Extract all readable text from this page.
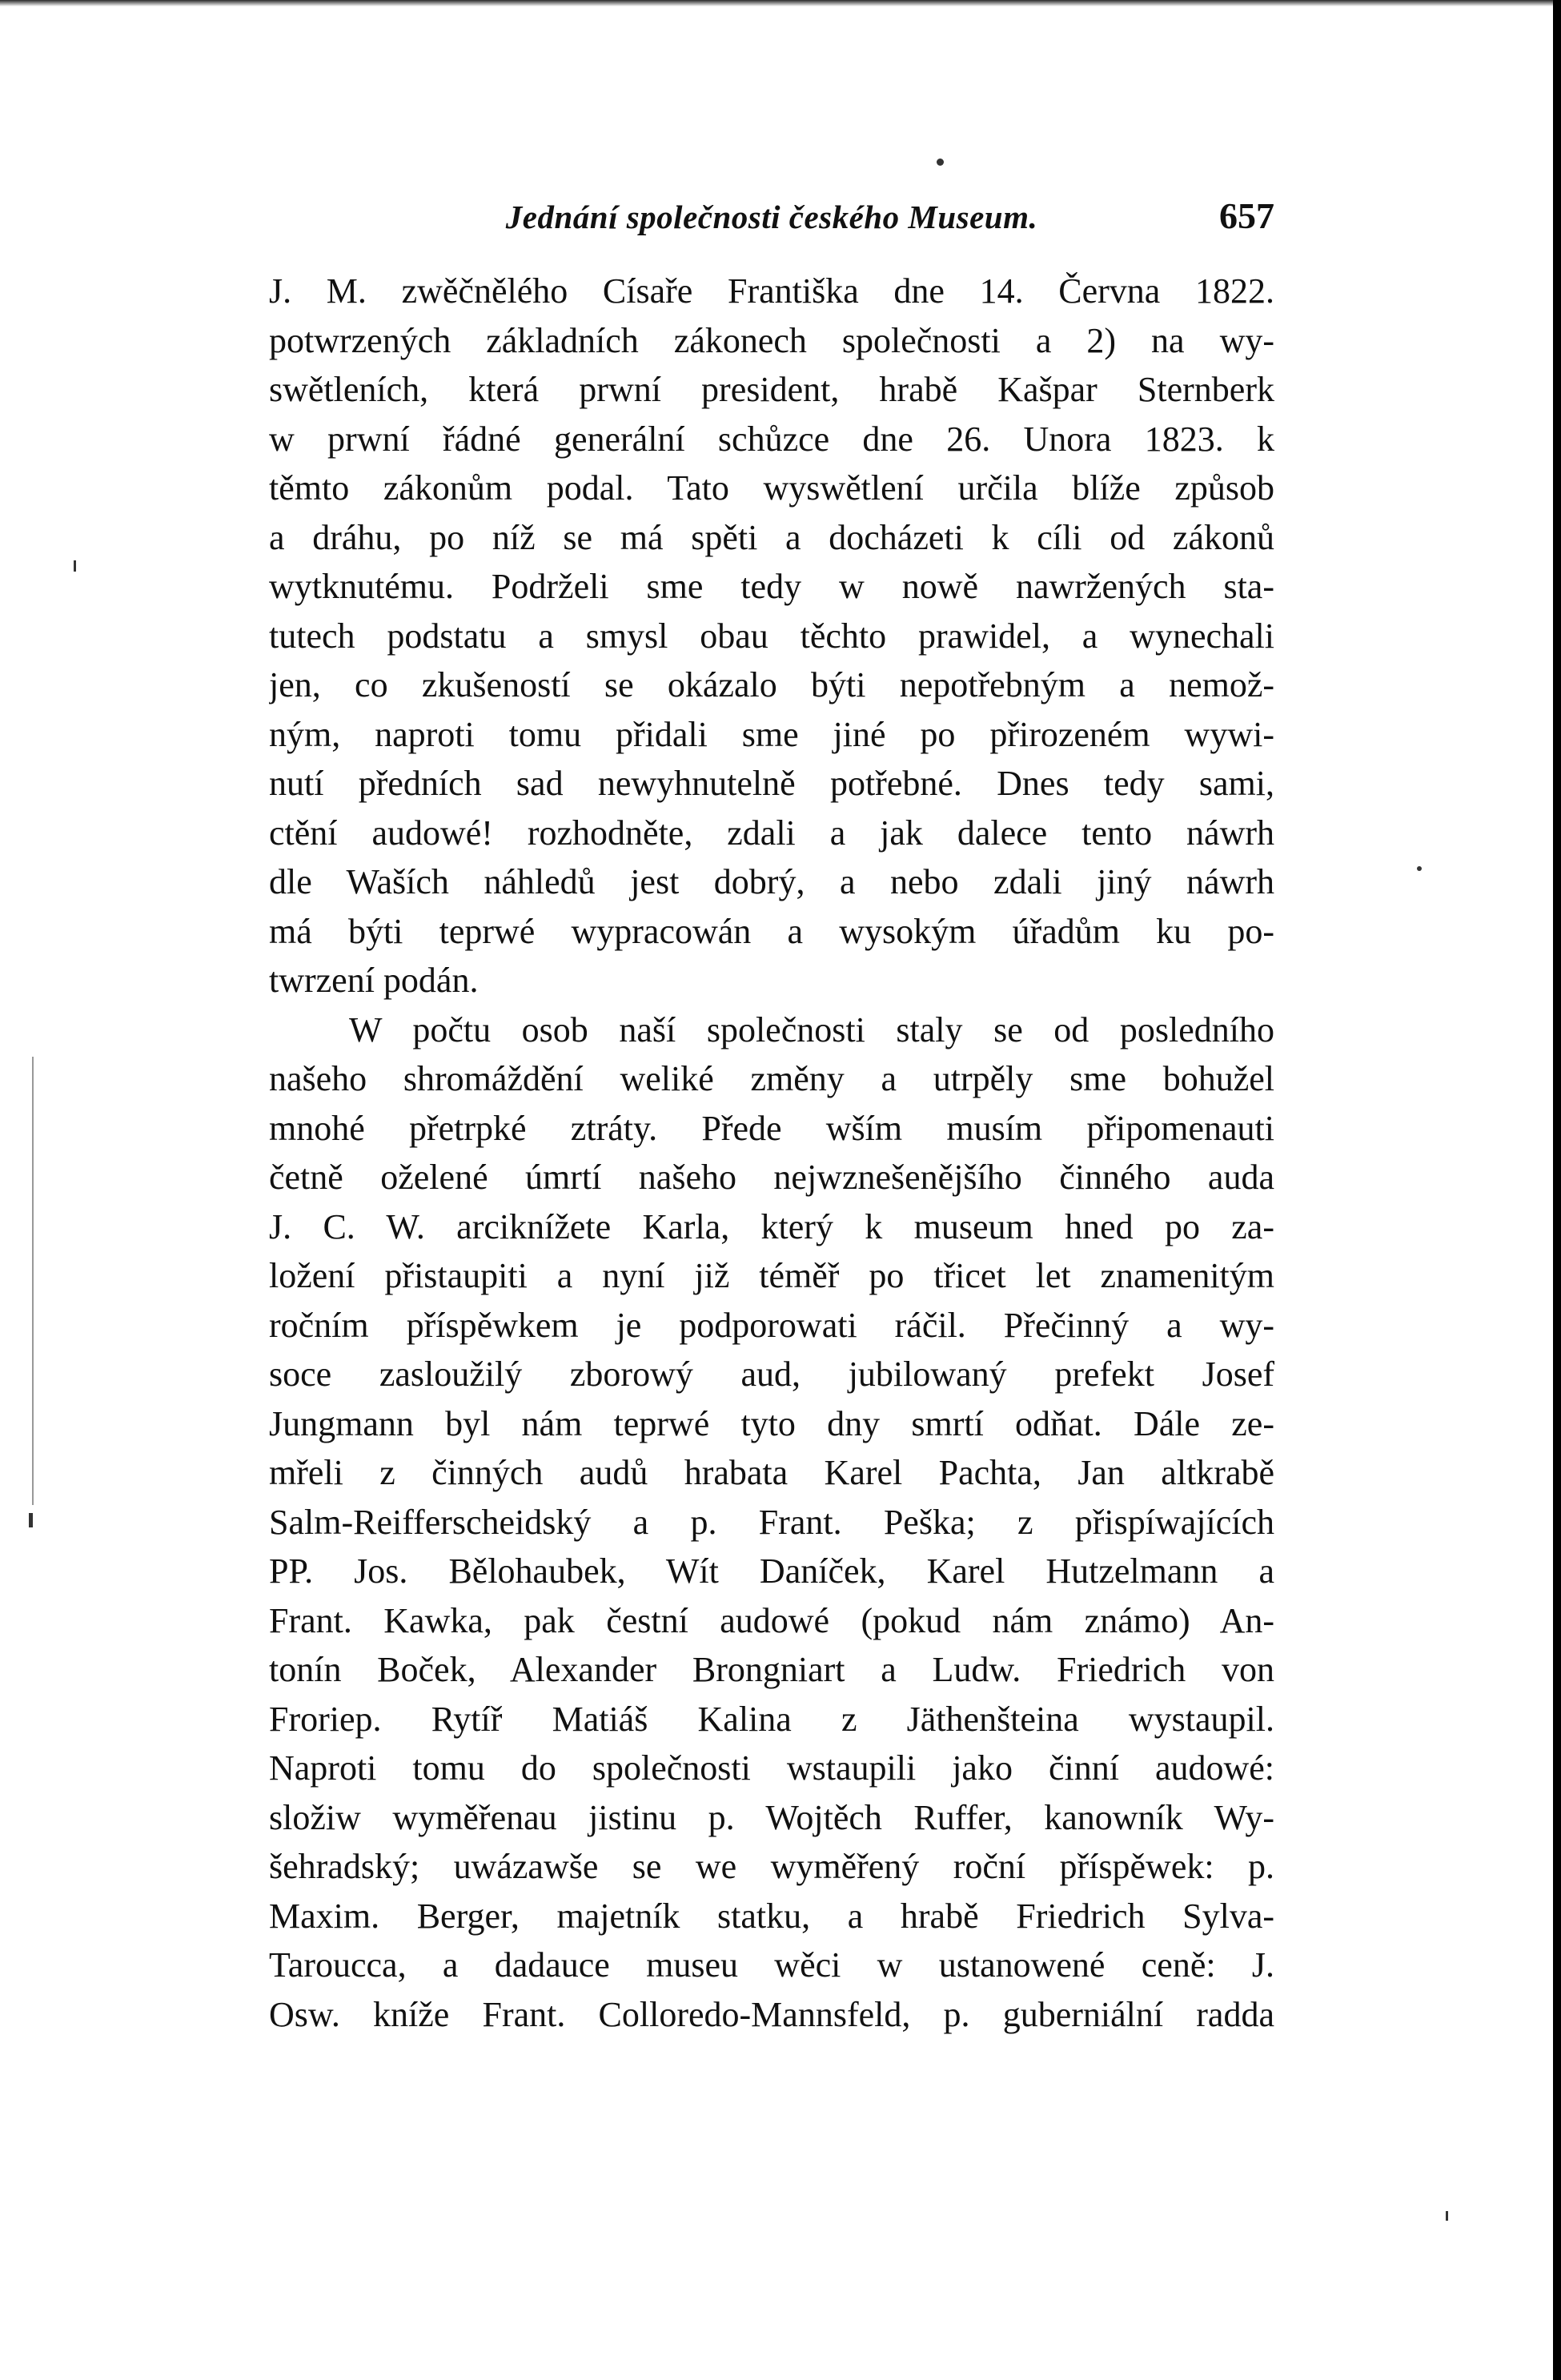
Jednání společnosti českého Museum.	657
J. M. zwěčnělého Císaře Františka dne 14. Června 1822.
potwrzených základních zákonech společnosti a 2) na wy-
swětleních, která prwní president, hrabě Kašpar Sternberk
w prwní řádné generální schůzce dne 26. Unora 1823. k
těmto zákonům podal. Tato wyswětlení určila blíže způsob
a dráhu, po níž se má spěti a docházeti k cíli od zákonů
wytknutému. Podrželi sme tedy w nowě nawržených sta-
tutech podstatu a smysl obau těchto prawidel, a wynechali
jen, co zkušeností se okázalo býti nepotřebným a nemož-
ným, naproti tomu přidali sme jiné po přirozeném wywi-
nutí předních sad newyhnutelně potřebné. Dnes tedy sami,
ctění audowé! rozhodněte, zdali a jak dalece tento náwrh
dle Waších náhledů jest dobrý, a nebo zdali jiný náwrh
má býti teprwé wypracowán a wysokým úřadům ku po-
twrzení podán.
W počtu osob naší společnosti staly se od posledního
našeho shromáždění weliké změny a utrpěly sme bohužel
mnohé přetrpké ztráty. Přede wším musím připomenauti
četně oželené úmrtí našeho nejwznešenějšího činného auda
J. C. W. arciknížete Karla, který k museum hned po za-
ložení přistaupiti a nyní již téměř po třicet let znamenitým
ročním příspěwkem je podporowati ráčil. Přečinný a wy-
soce zasloužilý zborowý aud, jubilowaný prefekt Josef
Jungmann byl nám teprwé tyto dny smrtí odňat. Dále ze-
mřeli z činných audů hrabata Karel Pachta, Jan altkrabě
Salm-Reifferscheidský a p. Frant. Peška; z přispíwajících
PP. Jos. Bělohaubek, Wít Daníček, Karel Hutzelmann a
Frant. Kawka, pak čestní audowé (pokud nám známo) An-
tonín Boček, Alexander Brongniart a Ludw. Friedrich von
Froriep. Rytíř Matiáš Kalina z Jäthenšteina wystaupil.
Naproti tomu do společnosti wstaupili jako činní audowé:
složiw wyměřenau jistinu p. Wojtěch Ruffer, kanowník Wy-
šehradský; uwázawše se we wyměřený roční příspěwek: p.
Maxim. Berger, majetník statku, a hrabě Friedrich Sylva-
Taroucca, a dadauce museu wěci w ustanowené ceně: J.
Osw. kníže Frant. Colloredo-Mannsfeld, p. guberniální radda
